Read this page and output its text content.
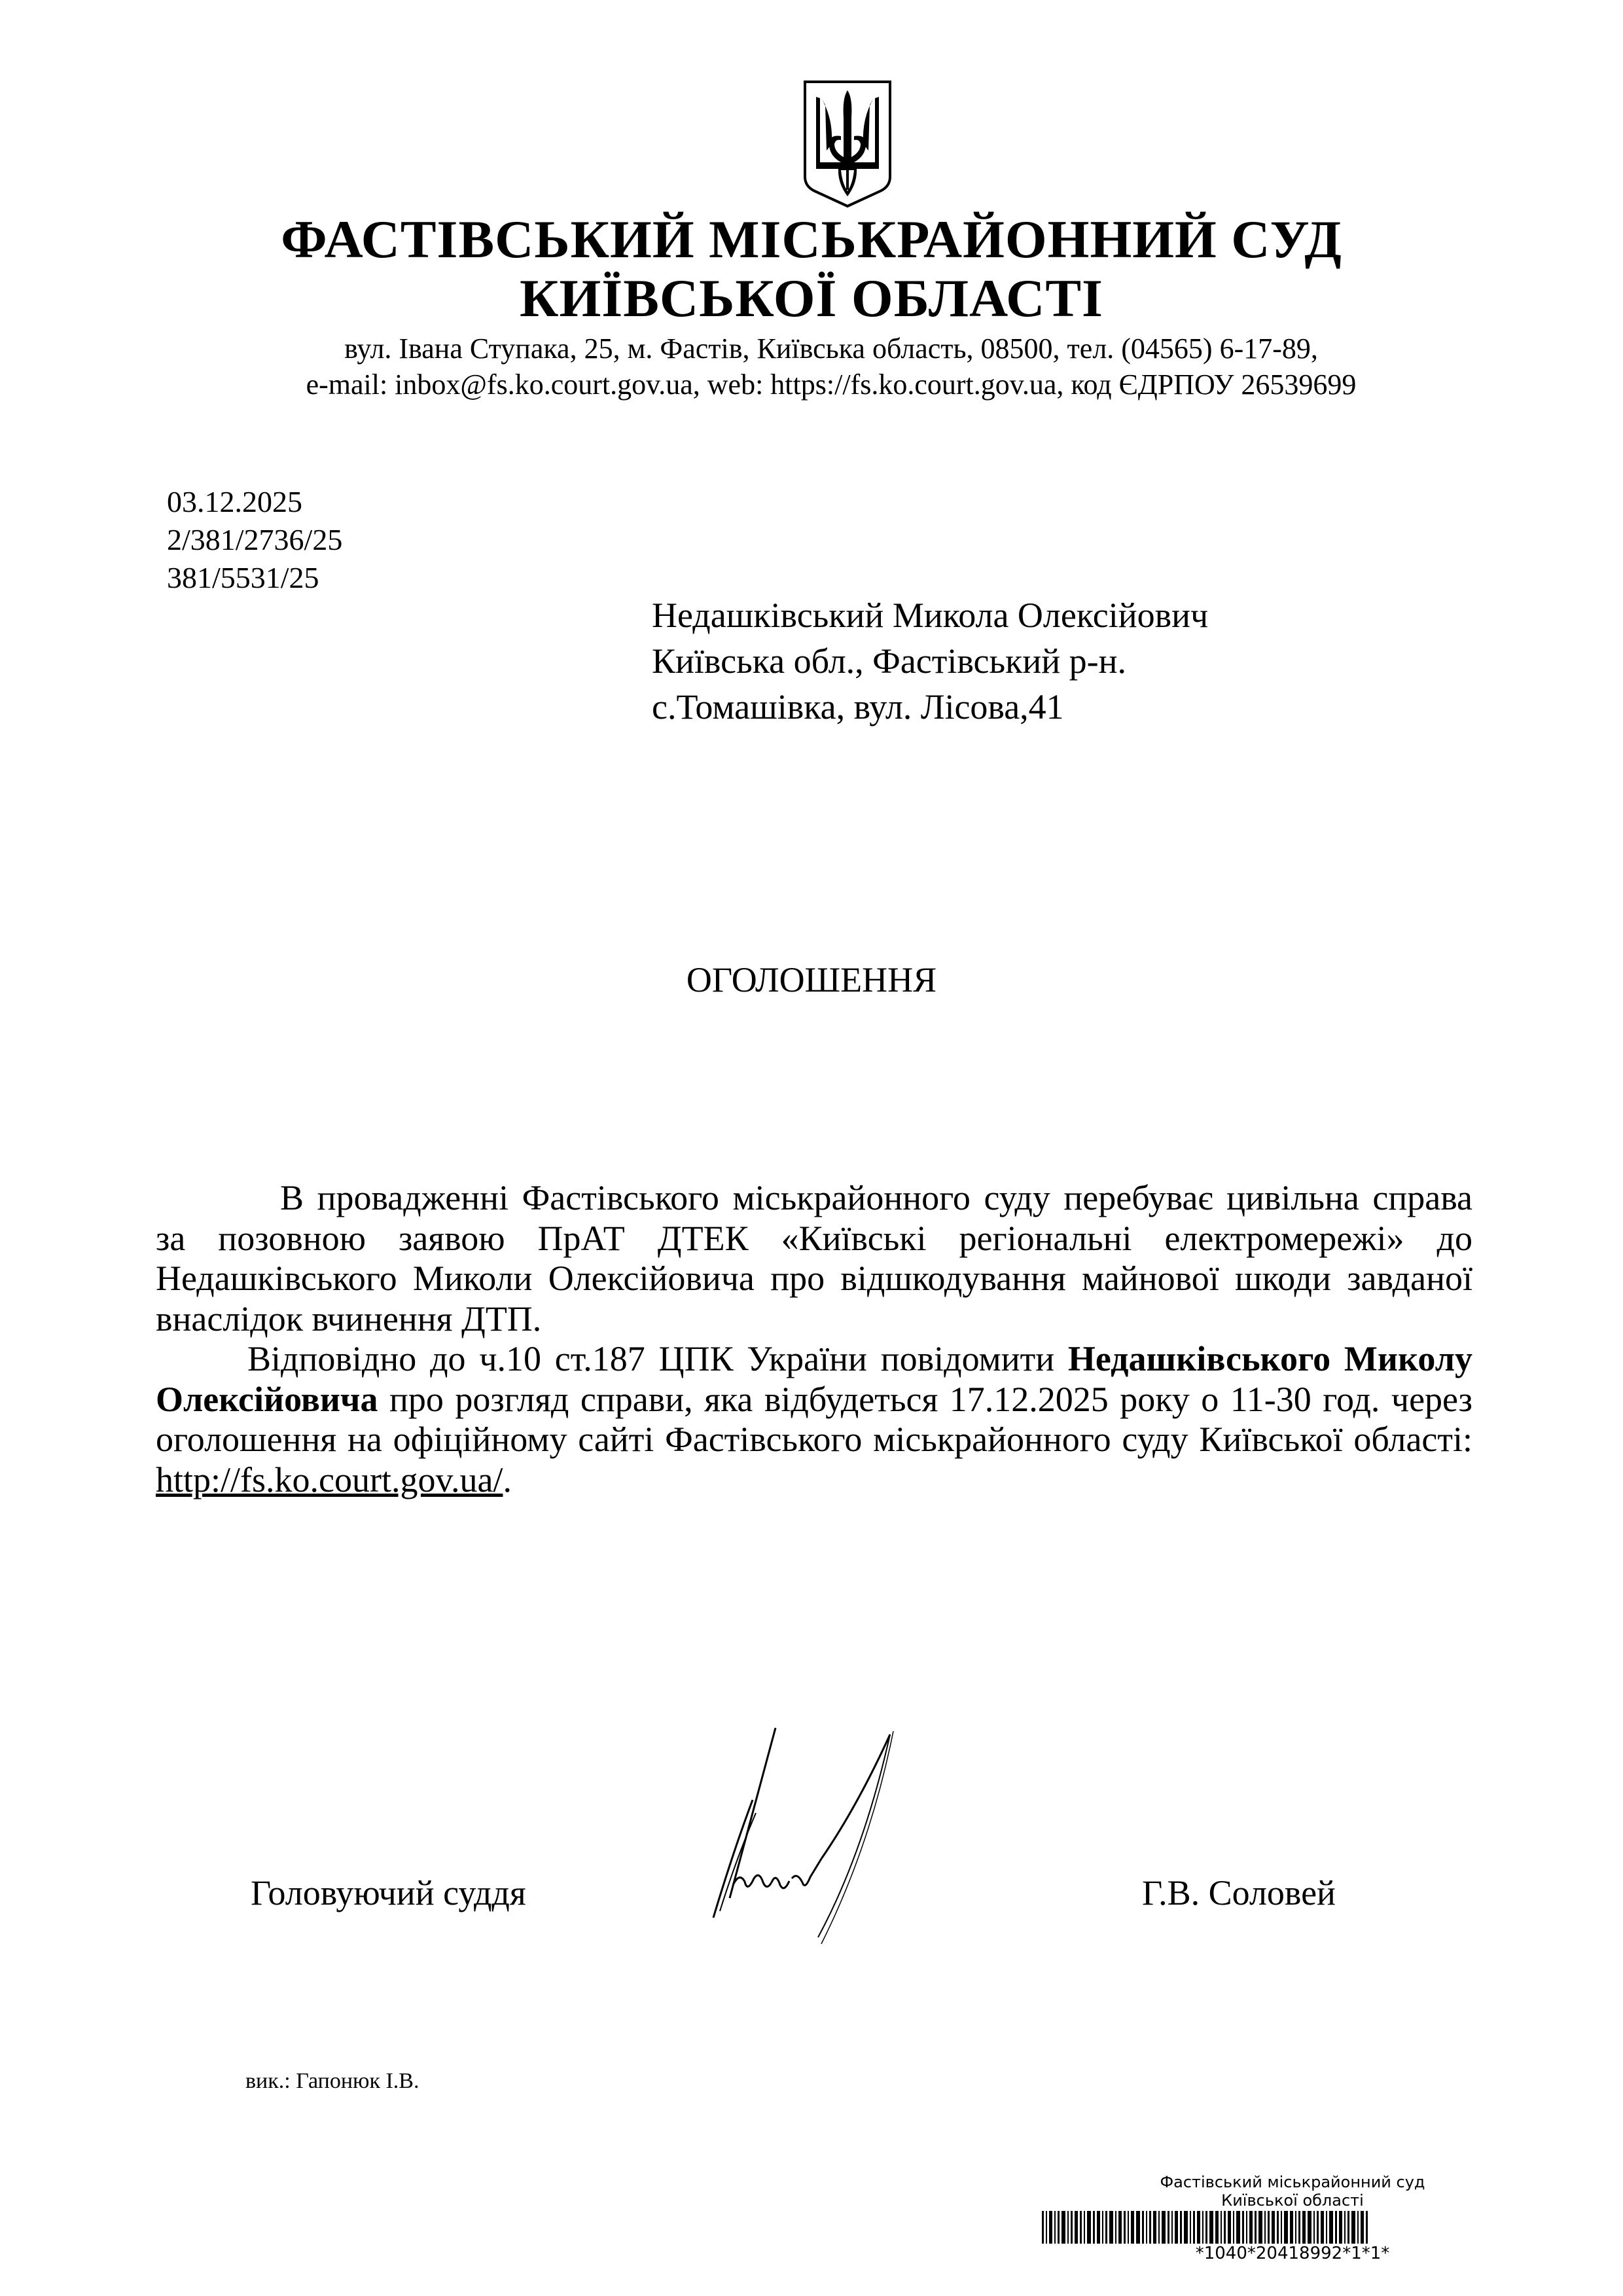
ФАСТІВСЬКИЙ МІСЬКРАЙОННИЙ СУД
КИЇВСЬКОЇ ОБЛАСТІ
вул. Івана Ступака, 25, м. Фастів, Київська область, 08500, тел. (04565) 6-17-89,
e-mail: inbox@fs.ko.court.gov.ua, web: https://fs.ko.court.gov.ua, код ЄДРПОУ 26539699
03.12.2025
2/381/2736/25
381/5531/25
Недашківський Микола Олексійович
Київська обл., Фастівський р-н.
с.Томашівка, вул. Лісова,41
ОГОЛОШЕННЯ

В провадженні Фастівського міськрайонного суду перебуває цивільна справа за позовною заявою ПрАТ ДТЕК «Київські регіональні електромережі» до Недашківського Миколи Олексійовича про відшкодування майнової шкоди завданої внаслідок вчинення ДТП.

Відповідно до ч.10 ст.187 ЦПК України повідомити Недашківського Миколу Олексійовича про розгляд справи, яка відбудеться 17.12.2025 року о 11-30 год. через оголошення на офіційному сайті Фастівського міськрайонного суду Київської області: http://fs.ko.court.gov.ua/.

Головуючий суддя	Г.В. Соловей
вик.: Гапонюк І.В.
Фастівський міськрайонний суд
Київської області
*1040*20418992*1*1*
